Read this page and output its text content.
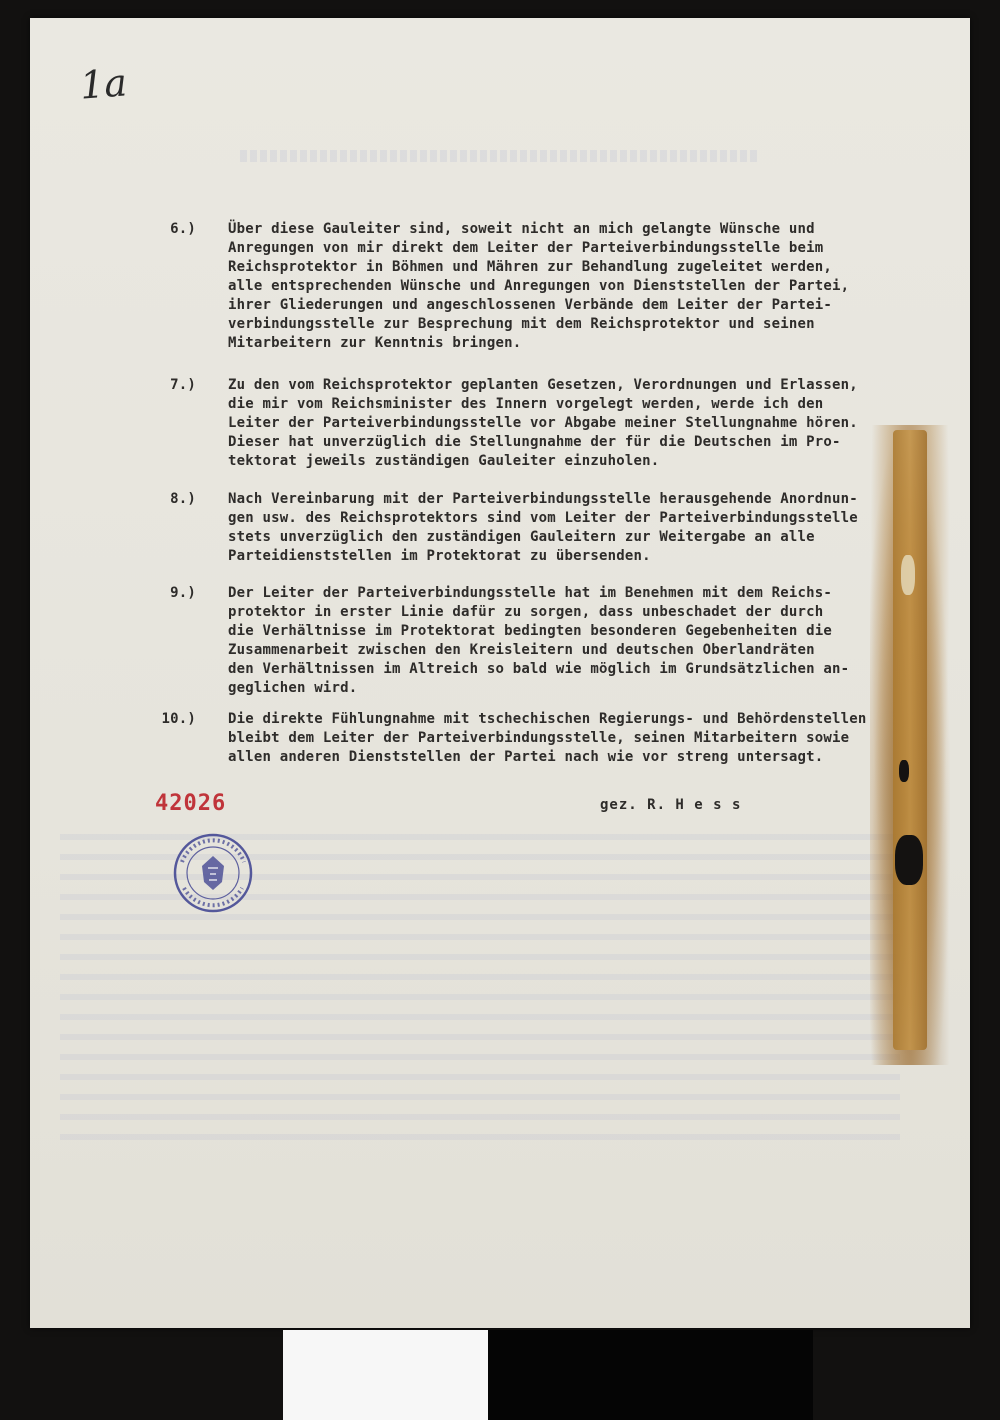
1a
6.) Über diese Gauleiter sind, soweit nicht an mich gelangte Wünsche und
Anregungen von mir direkt dem Leiter der Parteiverbindungsstelle beim
Reichsprotektor in Böhmen und Mähren zur Behandlung zugeleitet werden,
alle entsprechenden Wünsche und Anregungen von Dienststellen der Partei,
ihrer Gliederungen und angeschlossenen Verbände dem Leiter der Partei-
verbindungsstelle zur Besprechung mit dem Reichsprotektor und seinen
Mitarbeitern zur Kenntnis bringen.
7.) Zu den vom Reichsprotektor geplanten Gesetzen, Verordnungen und Erlassen,
die mir vom Reichsminister des Innern vorgelegt werden, werde ich den
Leiter der Parteiverbindungsstelle vor Abgabe meiner Stellungnahme hören.
Dieser hat unverzüglich die Stellungnahme der für die Deutschen im Pro-
tektorat jeweils zuständigen Gauleiter einzuholen.
8.) Nach Vereinbarung mit der Parteiverbindungsstelle herausgehende Anordnun-
gen usw. des Reichsprotektors sind vom Leiter der Parteiverbindungsstelle
stets unverzüglich den zuständigen Gauleitern zur Weitergabe an alle
Parteidienststellen im Protektorat zu übersenden.
9.) Der Leiter der Parteiverbindungsstelle hat im Benehmen mit dem Reichs-
protektor in erster Linie dafür zu sorgen, dass unbeschadet der durch
die Verhältnisse im Protektorat bedingten besonderen Gegebenheiten die
Zusammenarbeit zwischen den Kreisleitern und deutschen Oberlandräten
den Verhältnissen im Altreich so bald wie möglich im Grundsätzlichen an-
geglichen wird.
10.) Die direkte Fühlungnahme mit tschechischen Regierungs- und Behördenstellen
bleibt dem Leiter der Parteiverbindungsstelle, seinen Mitarbeitern sowie
allen anderen Dienststellen der Partei nach wie vor streng untersagt.
gez. R. H e s s
42026
